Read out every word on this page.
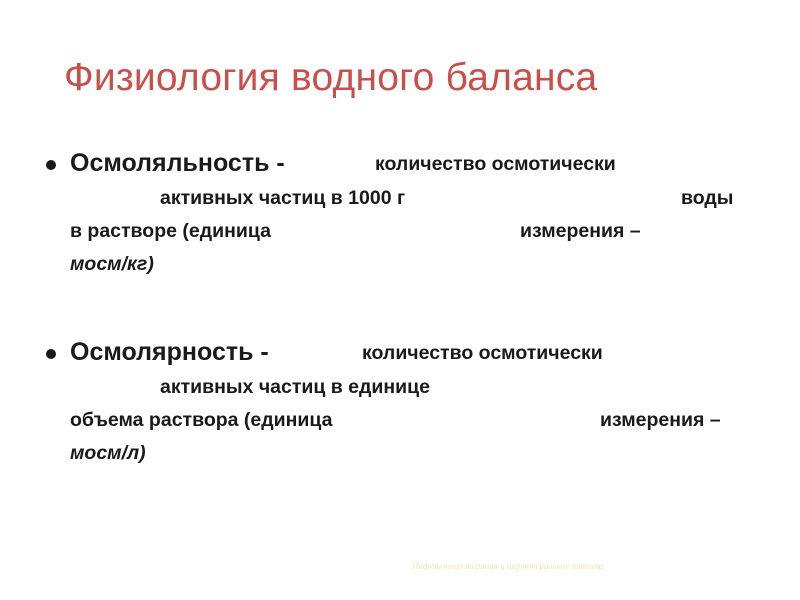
Физиология водного баланса
Осмоляльность -	количество осмотически
активных частиц в 1000 г	воды
в растворе (единица	измерения –
мосм/кг)
Осмолярность -	количество осмотически
активных частиц в единице
объема раствора (единица	измерения –
мосм/л)
Инфузионная терапия и парентеральное питание
